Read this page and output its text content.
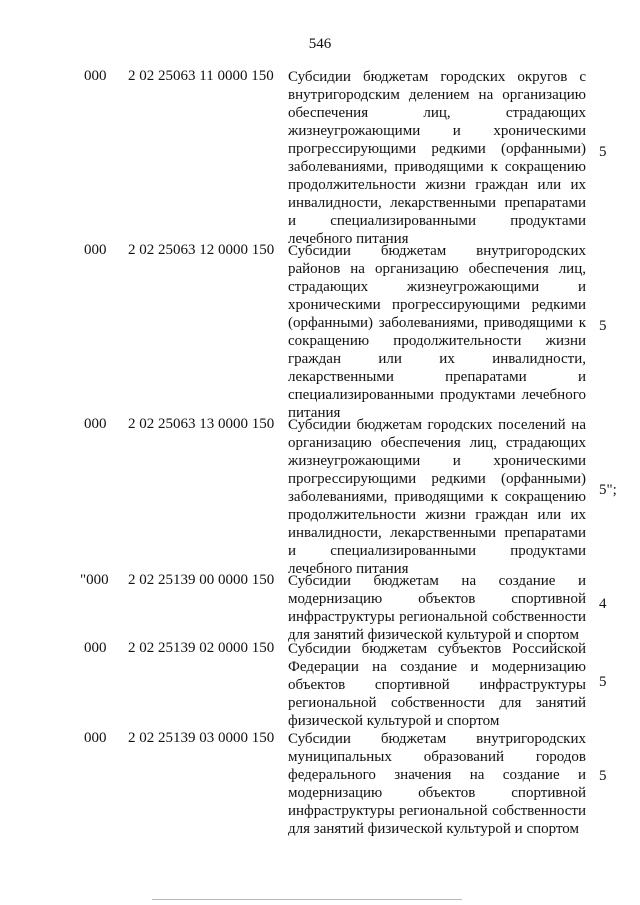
546
000 2 02 25063 11 0000 150 Субсидии бюджетам городских округов с внутригородским делением на организацию обеспечения лиц, страдающих жизнеугрожающими и хроническими прогрессирующими редкими (орфанными) заболеваниями, приводящими к сокращению продолжительности жизни граждан или их инвалидности, лекарственными препаратами и специализированными продуктами лечебного питания
5
000 2 02 25063 12 0000 150 Субсидии бюджетам внутригородских районов на организацию обеспечения лиц, страдающих жизнеугрожающими и хроническими прогрессирующими редкими (орфанными) заболеваниями, приводящими к сокращению продолжительности жизни граждан или их инвалидности, лекарственными препаратами и специализированными продуктами лечебного питания
5
000 2 02 25063 13 0000 150 Субсидии бюджетам городских поселений на организацию обеспечения лиц, страдающих жизнеугрожающими и хроническими прогрессирующими редкими (орфанными) заболеваниями, приводящими к сокращению продолжительности жизни граждан или их инвалидности, лекарственными препаратами и специализированными продуктами лечебного питания
5";
"000 2 02 25139 00 0000 150 Субсидии бюджетам на создание и модернизацию объектов спортивной инфраструктуры региональной собственности для занятий физической культурой и спортом
4
000 2 02 25139 02 0000 150 Субсидии бюджетам субъектов Российской Федерации на создание и модернизацию объектов спортивной инфраструктуры региональной собственности для занятий физической культурой и спортом
5
000 2 02 25139 03 0000 150 Субсидии бюджетам внутригородских муниципальных образований городов федерального значения на создание и модернизацию объектов спортивной инфраструктуры региональной собственности для занятий физической культурой и спортом
5
